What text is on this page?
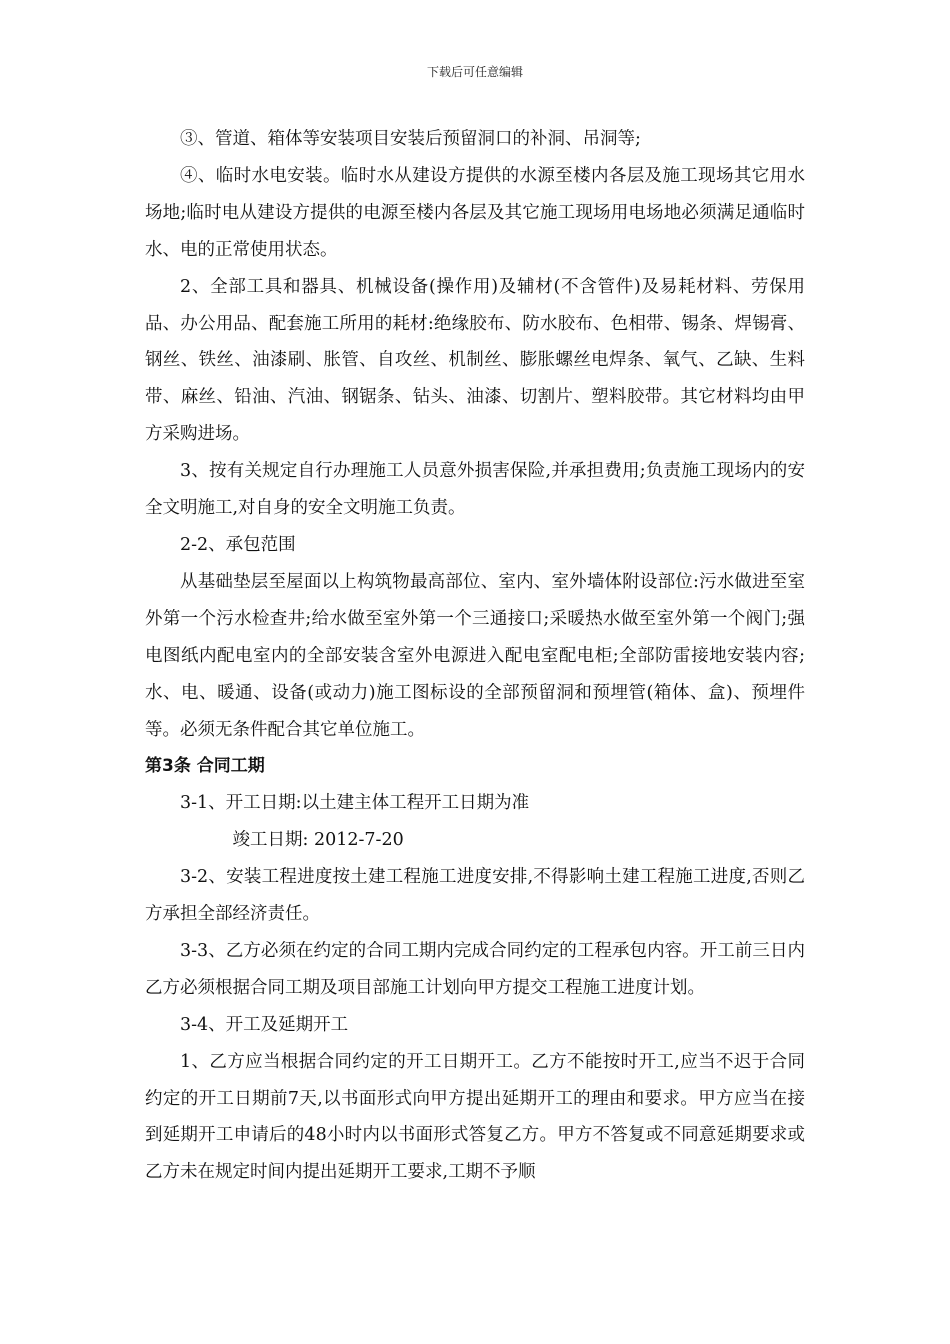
下载后可任意编辑

③、管道、箱体等安装项目安装后预留洞口的补洞、吊洞等;

④、临时水电安装。临时水从建设方提供的水源至楼内各层及施工现场其它用水场地;临时电从建设方提供的电源至楼内各层及其它施工现场用电场地必须满足通临时水、电的正常使用状态。

2、全部工具和器具、机械设备(操作用)及辅材(不含管件)及易耗材料、劳保用品、办公用品、配套施工所用的耗材:绝缘胶布、防水胶布、色相带、锡条、焊锡膏、钢丝、铁丝、油漆刷、胀管、自攻丝、机制丝、膨胀螺丝电焊条、氧气、乙缺、生料带、麻丝、铅油、汽油、钢锯条、钻头、油漆、切割片、塑料胶带。其它材料均由甲方采购进场。

3、按有关规定自行办理施工人员意外损害保险,并承担费用;负责施工现场内的安全文明施工,对自身的安全文明施工负责。

2-2、承包范围

从基础垫层至屋面以上构筑物最高部位、室内、室外墙体附设部位:污水做进至室外第一个污水检查井;给水做至室外第一个三通接口;采暖热水做至室外第一个阀门;强电图纸内配电室内的全部安装含室外电源进入配电室配电柜;全部防雷接地安装内容;水、电、暖通、设备(或动力)施工图标设的全部预留洞和预埋管(箱体、盒)、预埋件等。必须无条件配合其它单位施工。

第3条 合同工期

3-1、开工日期:以土建主体工程开工日期为准

竣工日期: 2012-7-20

3-2、安装工程进度按土建工程施工进度安排,不得影响土建工程施工进度,否则乙方承担全部经济责任。

3-3、乙方必须在约定的合同工期内完成合同约定的工程承包内容。开工前三日内乙方必须根据合同工期及项目部施工计划向甲方提交工程施工进度计划。

3-4、开工及延期开工

1、乙方应当根据合同约定的开工日期开工。乙方不能按时开工,应当不迟于合同约定的开工日期前7天,以书面形式向甲方提出延期开工的理由和要求。甲方应当在接到延期开工申请后的48小时内以书面形式答复乙方。甲方不答复或不同意延期要求或乙方未在规定时间内提出延期开工要求,工期不予顺
